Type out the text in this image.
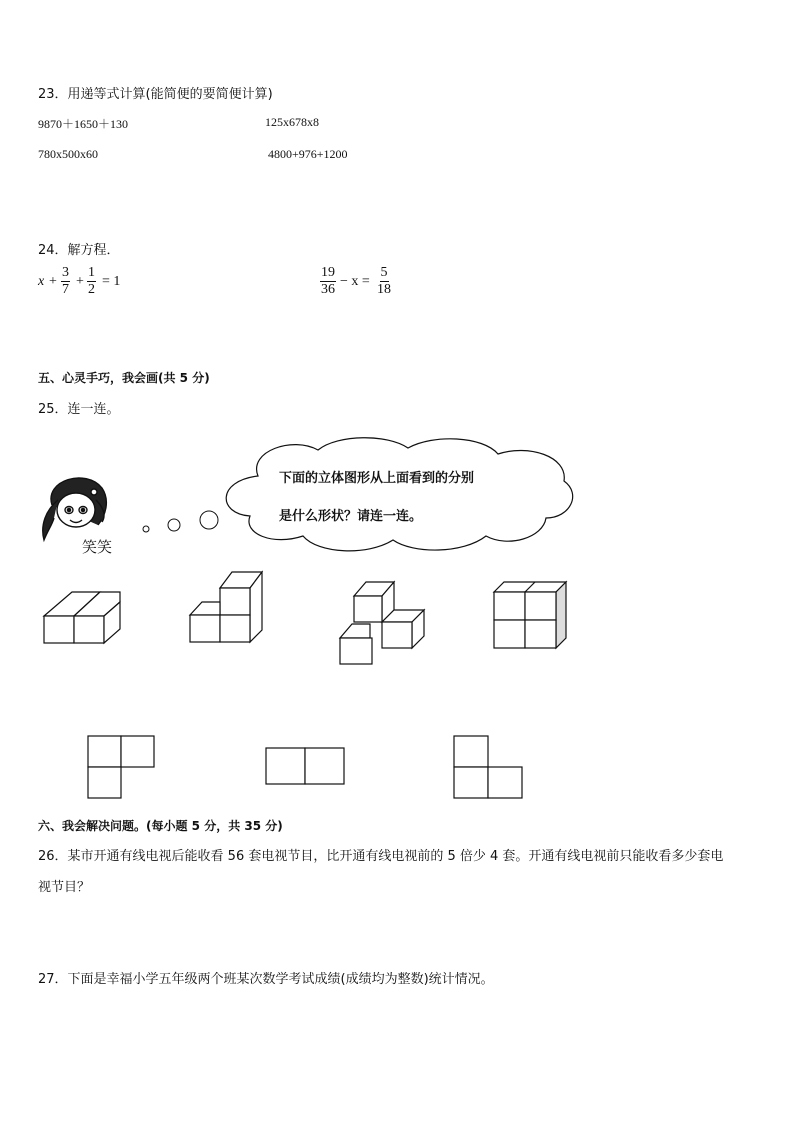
23．用递等式计算(能简便的要简便计算)
9870＋1650＋130	125x678x8
780x500x60	4800+976+1200
24．解方程．
$x + \frac{3}{7} + \frac{1}{2} = 1$	$\frac{19}{36} - x = \frac{5}{18}$
五、心灵手巧，我会画(共 5 分)
25．连一连。
笑笑
下面的立体图形从上面看到的分别
是什么形状？请连一连。
六、我会解决问题。(每小题 5 分，共 35 分)
26．某市开通有线电视后能收看 56 套电视节目，比开通有线电视前的 5 倍少 4 套。开通有线电视前只能收看多少套电
视节目？
27．下面是幸福小学五年级两个班某次数学考试成绩(成绩均为整数)统计情况。
